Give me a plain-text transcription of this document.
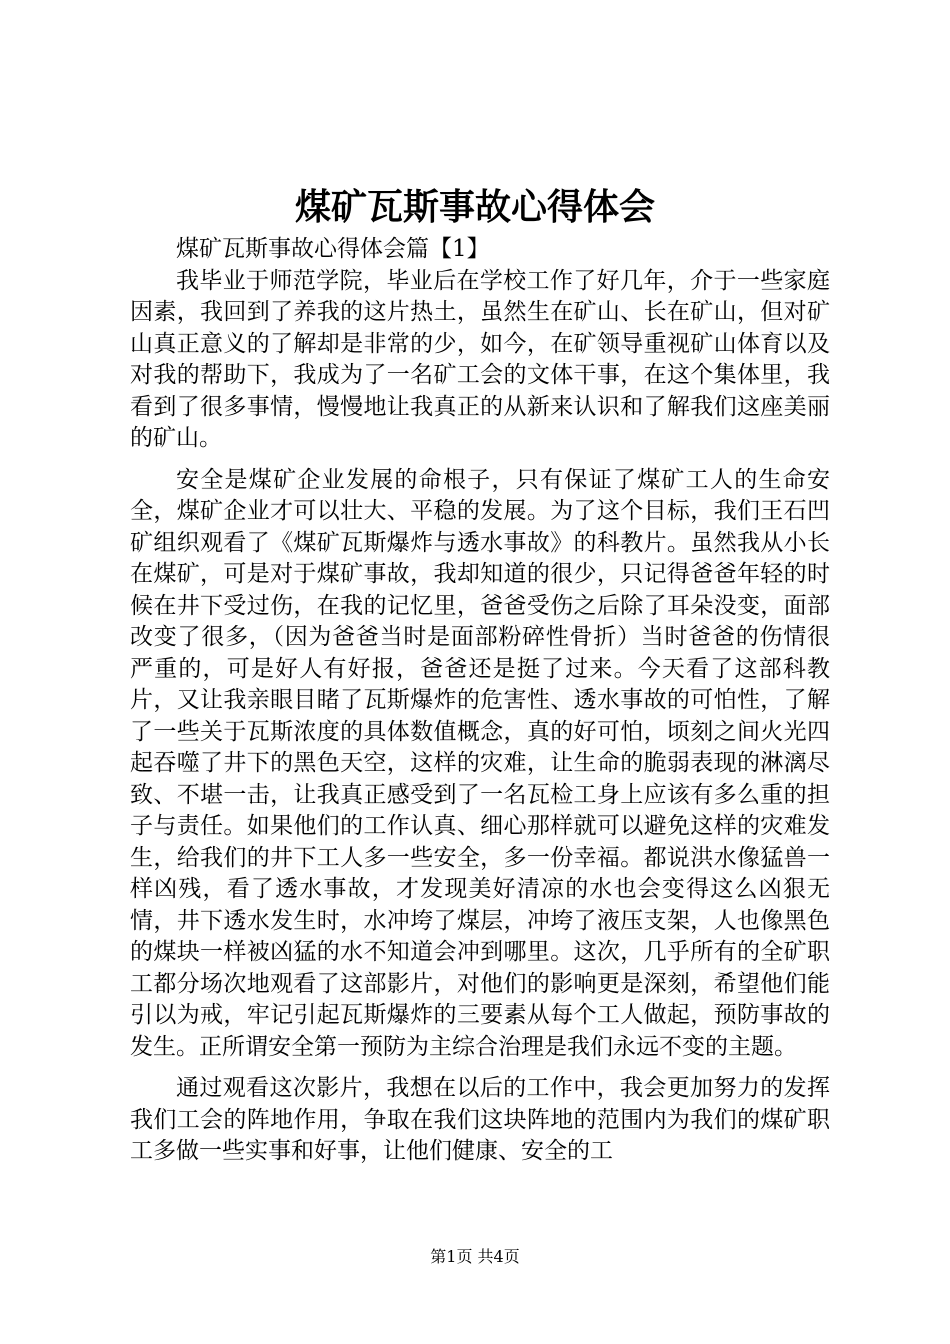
煤矿瓦斯事故心得体会

煤矿瓦斯事故心得体会篇【1】

我毕业于师范学院，毕业后在学校工作了好几年，介于一些家庭因素，我回到了养我的这片热土，虽然生在矿山、长在矿山，但对矿山真正意义的了解却是非常的少，如今，在矿领导重视矿山体育以及对我的帮助下，我成为了一名矿工会的文体干事，在这个集体里，我看到了很多事情，慢慢地让我真正的从新来认识和了解我们这座美丽的矿山。

安全是煤矿企业发展的命根子，只有保证了煤矿工人的生命安全，煤矿企业才可以壮大、平稳的发展。为了这个目标，我们王石凹矿组织观看了《煤矿瓦斯爆炸与透水事故》的科教片。虽然我从小长在煤矿，可是对于煤矿事故，我却知道的很少，只记得爸爸年轻的时候在井下受过伤，在我的记忆里，爸爸受伤之后除了耳朵没变，面部改变了很多，（因为爸爸当时是面部粉碎性骨折）当时爸爸的伤情很严重的，可是好人有好报，爸爸还是挺了过来。今天看了这部科教片，又让我亲眼目睹了瓦斯爆炸的危害性、透水事故的可怕性，了解了一些关于瓦斯浓度的具体数值概念，真的好可怕，顷刻之间火光四起吞噬了井下的黑色天空，这样的灾难，让生命的脆弱表现的淋漓尽致、不堪一击，让我真正感受到了一名瓦检工身上应该有多么重的担子与责任。如果他们的工作认真、细心那样就可以避免这样的灾难发生，给我们的井下工人多一些安全，多一份幸福。都说洪水像猛兽一样凶残，看了透水事故，才发现美好清凉的水也会变得这么凶狠无情，井下透水发生时，水冲垮了煤层，冲垮了液压支架，人也像黑色的煤块一样被凶猛的水不知道会冲到哪里。这次，几乎所有的全矿职工都分场次地观看了这部影片，对他们的影响更是深刻，希望他们能引以为戒，牢记引起瓦斯爆炸的三要素从每个工人做起，预防事故的发生。正所谓安全第一预防为主综合治理是我们永远不变的主题。

通过观看这次影片，我想在以后的工作中，我会更加努力的发挥我们工会的阵地作用，争取在我们这块阵地的范围内为我们的煤矿职工多做一些实事和好事，让他们健康、安全的工

第1页 共4页
